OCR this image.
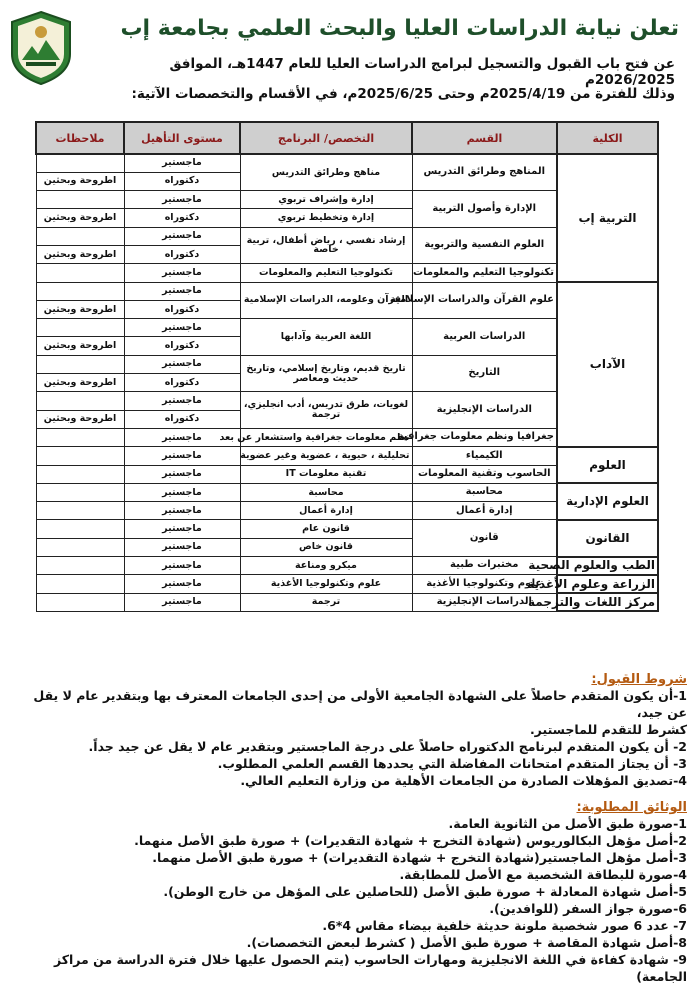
تعلن نيابة الدراسات العليا والبحث العلمي بجامعة إب
عن فتح باب القبول والتسجيل لبرامج الدراسات العليا للعام 1447هـ، الموافق 2026/2025م
وذلك للفترة من 2025/4/19م وحتى 2025/6/25م، في الأقسام والتخصصات الآتية:
الكلية	القسم	التخصص/ البرنامج	مستوى التأهيل	ملاحظات
التربية إب	المناهج وطرائق التدريس	مناهج وطرائق التدريس	ماجستير	
			دكتوراه	اطروحة وبحثين
	الإدارة وأصول التربية	إدارة وإشراف تربوي	ماجستير	
		إدارة وتخطيط تربوي	دكتوراه	اطروحة وبحثين
	العلوم النفسية والتربوية	إرشاد نفسي ، رياض أطفال، تربية خاصة	ماجستير	
			دكتوراه	اطروحة وبحثين
	تكنولوجيا التعليم والمعلومات	تكنولوجيا التعليم والمعلومات	ماجستير	
الآداب	علوم القرآن والدراسات الإسلامية	القرآن وعلومه، الدراسات الإسلامية	ماجستير	
			دكتوراه	اطروحة وبحثين
	الدراسات العربية	اللغة العربية وآدابها	ماجستير	
			دكتوراه	اطروحة وبحثين
	التاريخ	تاريخ قديم، وتاريخ إسلامي، وتاريخ حديث ومعاصر	ماجستير	
			دكتوراه	اطروحة وبحثين
	الدراسات الإنجليزية	لغويات، طرق تدريس، أدب انجليزي، ترجمة	ماجستير	
			دكتوراه	اطروحة وبحثين
	جغرافيا ونظم معلومات جغرافية	نظم معلومات جغرافية واستشعار عن بعد	ماجستير	
العلوم	الكيمياء	تحليلية ، حيوية ، عضوية وغير عضوية	ماجستير	
	الحاسوب وتقنية المعلومات	تقنية معلومات IT	ماجستير	
العلوم الإدارية	محاسبة	محاسبة	ماجستير	
	إدارة أعمال	إدارة أعمال	ماجستير	
القانون	قانون	قانون عام	ماجستير	
		قانون خاص	ماجستير	
الطب والعلوم الصحية	مختبرات طبية	ميكرو ومناعة	ماجستير	
الزراعة وعلوم الأغذية	علوم وتكنولوجيا الأغذية	علوم وتكنولوجيا الأغذية	ماجستير	
مركز اللغات والترجمة	الدراسات الإنجليزية	ترجمة	ماجستير	
شروط القبول:
1-أن يكون المتقدم حاصلاً على الشهادة الجامعية الأولى من إحدى الجامعات المعترف بها وبتقدير عام لا يقل عن جيد،
كشرط للتقدم للماجستير.
2- أن يكون المتقدم لبرنامج الدكتوراه حاصلاً على درجة الماجستير وبتقدير عام لا يقل عن جيد جداً.
3- أن يجتاز المتقدم امتحانات المفاضلة التي يحددها القسم العلمي المطلوب.
4-تصديق المؤهلات الصادرة من الجامعات الأهلية من وزارة التعليم العالي.
الوثائق المطلوبة:
1-صورة طبق الأصل من الثانوية العامة.
2-أصل مؤهل البكالوريوس (شهادة التخرج + شهادة التقديرات) + صورة طبق الأصل منهما.
3-أصل مؤهل الماجستير(شهادة التخرج + شهادة التقديرات) + صورة طبق الأصل منهما.
4-صورة للبطاقة الشخصية مع الأصل للمطابقة.
5-أصل شهادة المعادلة + صورة طبق الأصل (للحاصلين على المؤهل من خارج الوطن).
6-صورة جواز السفر (للوافدين).
7- عدد 6 صور شخصية ملونة حديثة خلفية بيضاء مقاس 4*6.
8-أصل شهادة المقاصة + صورة طبق الأصل ( كشرط لبعض التخصصات).
9- شهادة كفاءة في اللغة الانجليزية ومهارات الحاسوب (يتم الحصول عليها خلال فترة الدراسة من مراكز الجامعة)
